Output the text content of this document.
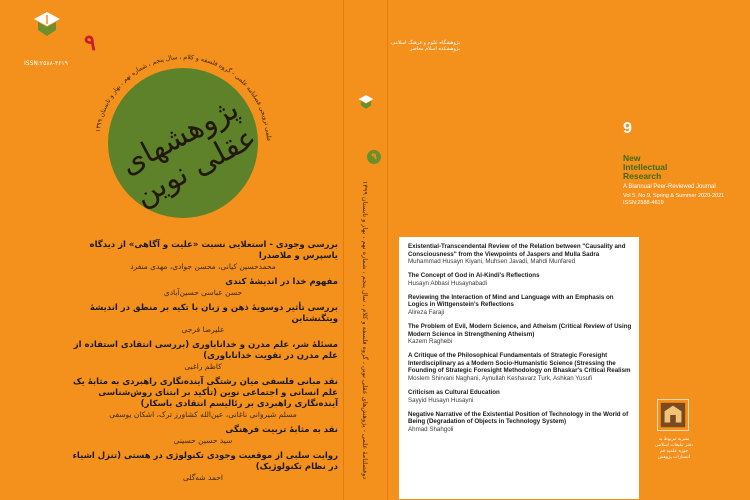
پژوهشگاه علوم و فرهنگ اسلامی
پژوهشکده اسلام معاصر
ISSN:۲۵۸۸-۴۶۱۹
۹
علمی ترویجی فصلنامه علمی - گروه فلسفه و کلام ، سال پنجم ، شماره نهم ، بهار و تابستان ۱۳۹۹
پژوهشهای
عقلی نوین

بررسی وجودی - استعلایی نسبت «علیت و آگاهی» از دیدگاه یاسپرس و ملاصدرا

محمدحسین کیانی، محسن جوادی، مهدی منفرد

مفهوم خدا در اندیشهٔ کندی

حسن عباسی حسین‌آبادی

بررسی تأثیر دوسویهٔ ذهن و زبان با تکیه بر منطق در اندیشهٔ ویتگنشتاین

علیرضا فرجی

مسئلهٔ شر، علم مدرن و خداناباوری (بررسی انتقادی استفاده از علم مدرن در تقویت خداناباوری)

کاظم راغبی

نقد مبانی فلسفی میان رشتگی آینده‌نگاری راهبردی به مثابهٔ یک علم انسانی و اجتماعی نوین (تأکید بر ابتنای روش‌شناسی آینده‌نگاری راهبردی بر رئالیسم انتقادی باسکار)

مسلم شیروانی ناغانی، عین‌الله کشاورز ترک، اشکان یوسفی

نقد به مثابهٔ تربیت فرهنگی

سید حسین حسینی

روایت سلبی از موقعیت وجودی تکنولوژی در هستی (تنزل اشیاء در نظام تکنولوژیک)

احمد شه‌گلی

۹
دوفصلنامهٔ علمی - پژوهش‌های عقلی نوین ، گروه فلسفه و کلام ، سال پنجم ، شماره نهم ، بهار و تابستان ۱۳۹۹
9
New
Intellectual
Research
A Biannual Peer-Reviewed Journal
Vol 5, No 9, Spring & Summer 2020-2021
ISSN:2588-4619

Existential-Transcendental Review of the Relation between "Causality and Consciousness" from the Viewpoints of Jaspers and Mulla Sadra

Muhammad Husayn Kiyani, Muhsen Javadi, Mahdi Munfared

The Concept of God in Al-Kindi's Reflections

Husayn Abbasi Husaynabadi

Reviewing the Interaction of Mind and Language with an Emphasis on Logics in Wittgenstein's Reflections

Alireza Faraji

The Problem of Evil, Modern Science, and Atheism (Critical Review of Using Modern Science in Strengthening Atheism)

Kazem Raghebi

A Critique of the Philosophical Fundamentals of Strategic Foresight Interdisciplinary as a Modern Socio-Humanistic Science (Stressing the Founding of Strategic Foresight Methodology on Bhaskar's Critical Realism

Moslem Shirvani Naghani, Aynullah Keshavarz Turk, Ashkan Yusufi

Criticism as Cultural Education

Sayyid Husayn Husayni

Negative Narrative of the Existential Position of Technology in the World of Being (Degradation of Objects in Technology System)

Ahmad Shahgoli

نشریه مربوط به
دفتر تبلیغات اسلامی حوزه علمیه قم
انتشارات پژوهش
